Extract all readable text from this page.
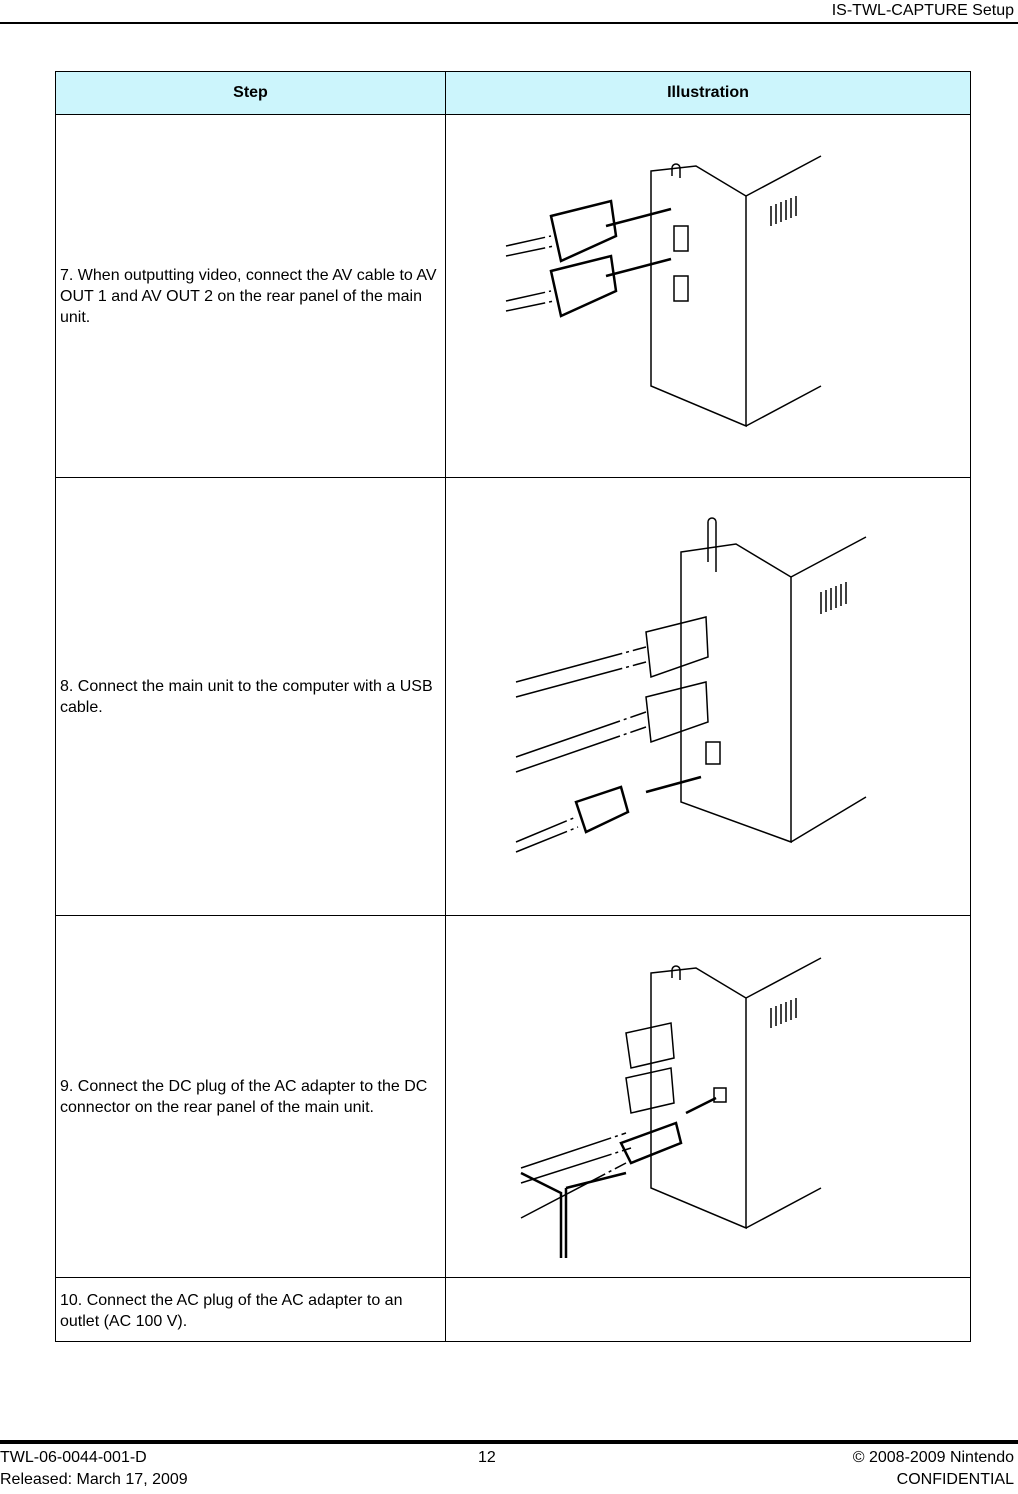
IS-TWL-CAPTURE Setup
Step	Illustration
7. When outputting video, connect the AV cable to AV OUT 1 and AV OUT 2 on the rear panel of the main unit.	

8. Connect the main unit to the computer with a USB cable.	

9. Connect the DC plug of the AC adapter to the DC connector on the rear panel of the main unit.	

10. Connect the AC plug of the AC adapter to an outlet (AC 100 V).	
TWL-06-0044-001-D	12	© 2008-2009 Nintendo
Released: March 17, 2009	CONFIDENTIAL
